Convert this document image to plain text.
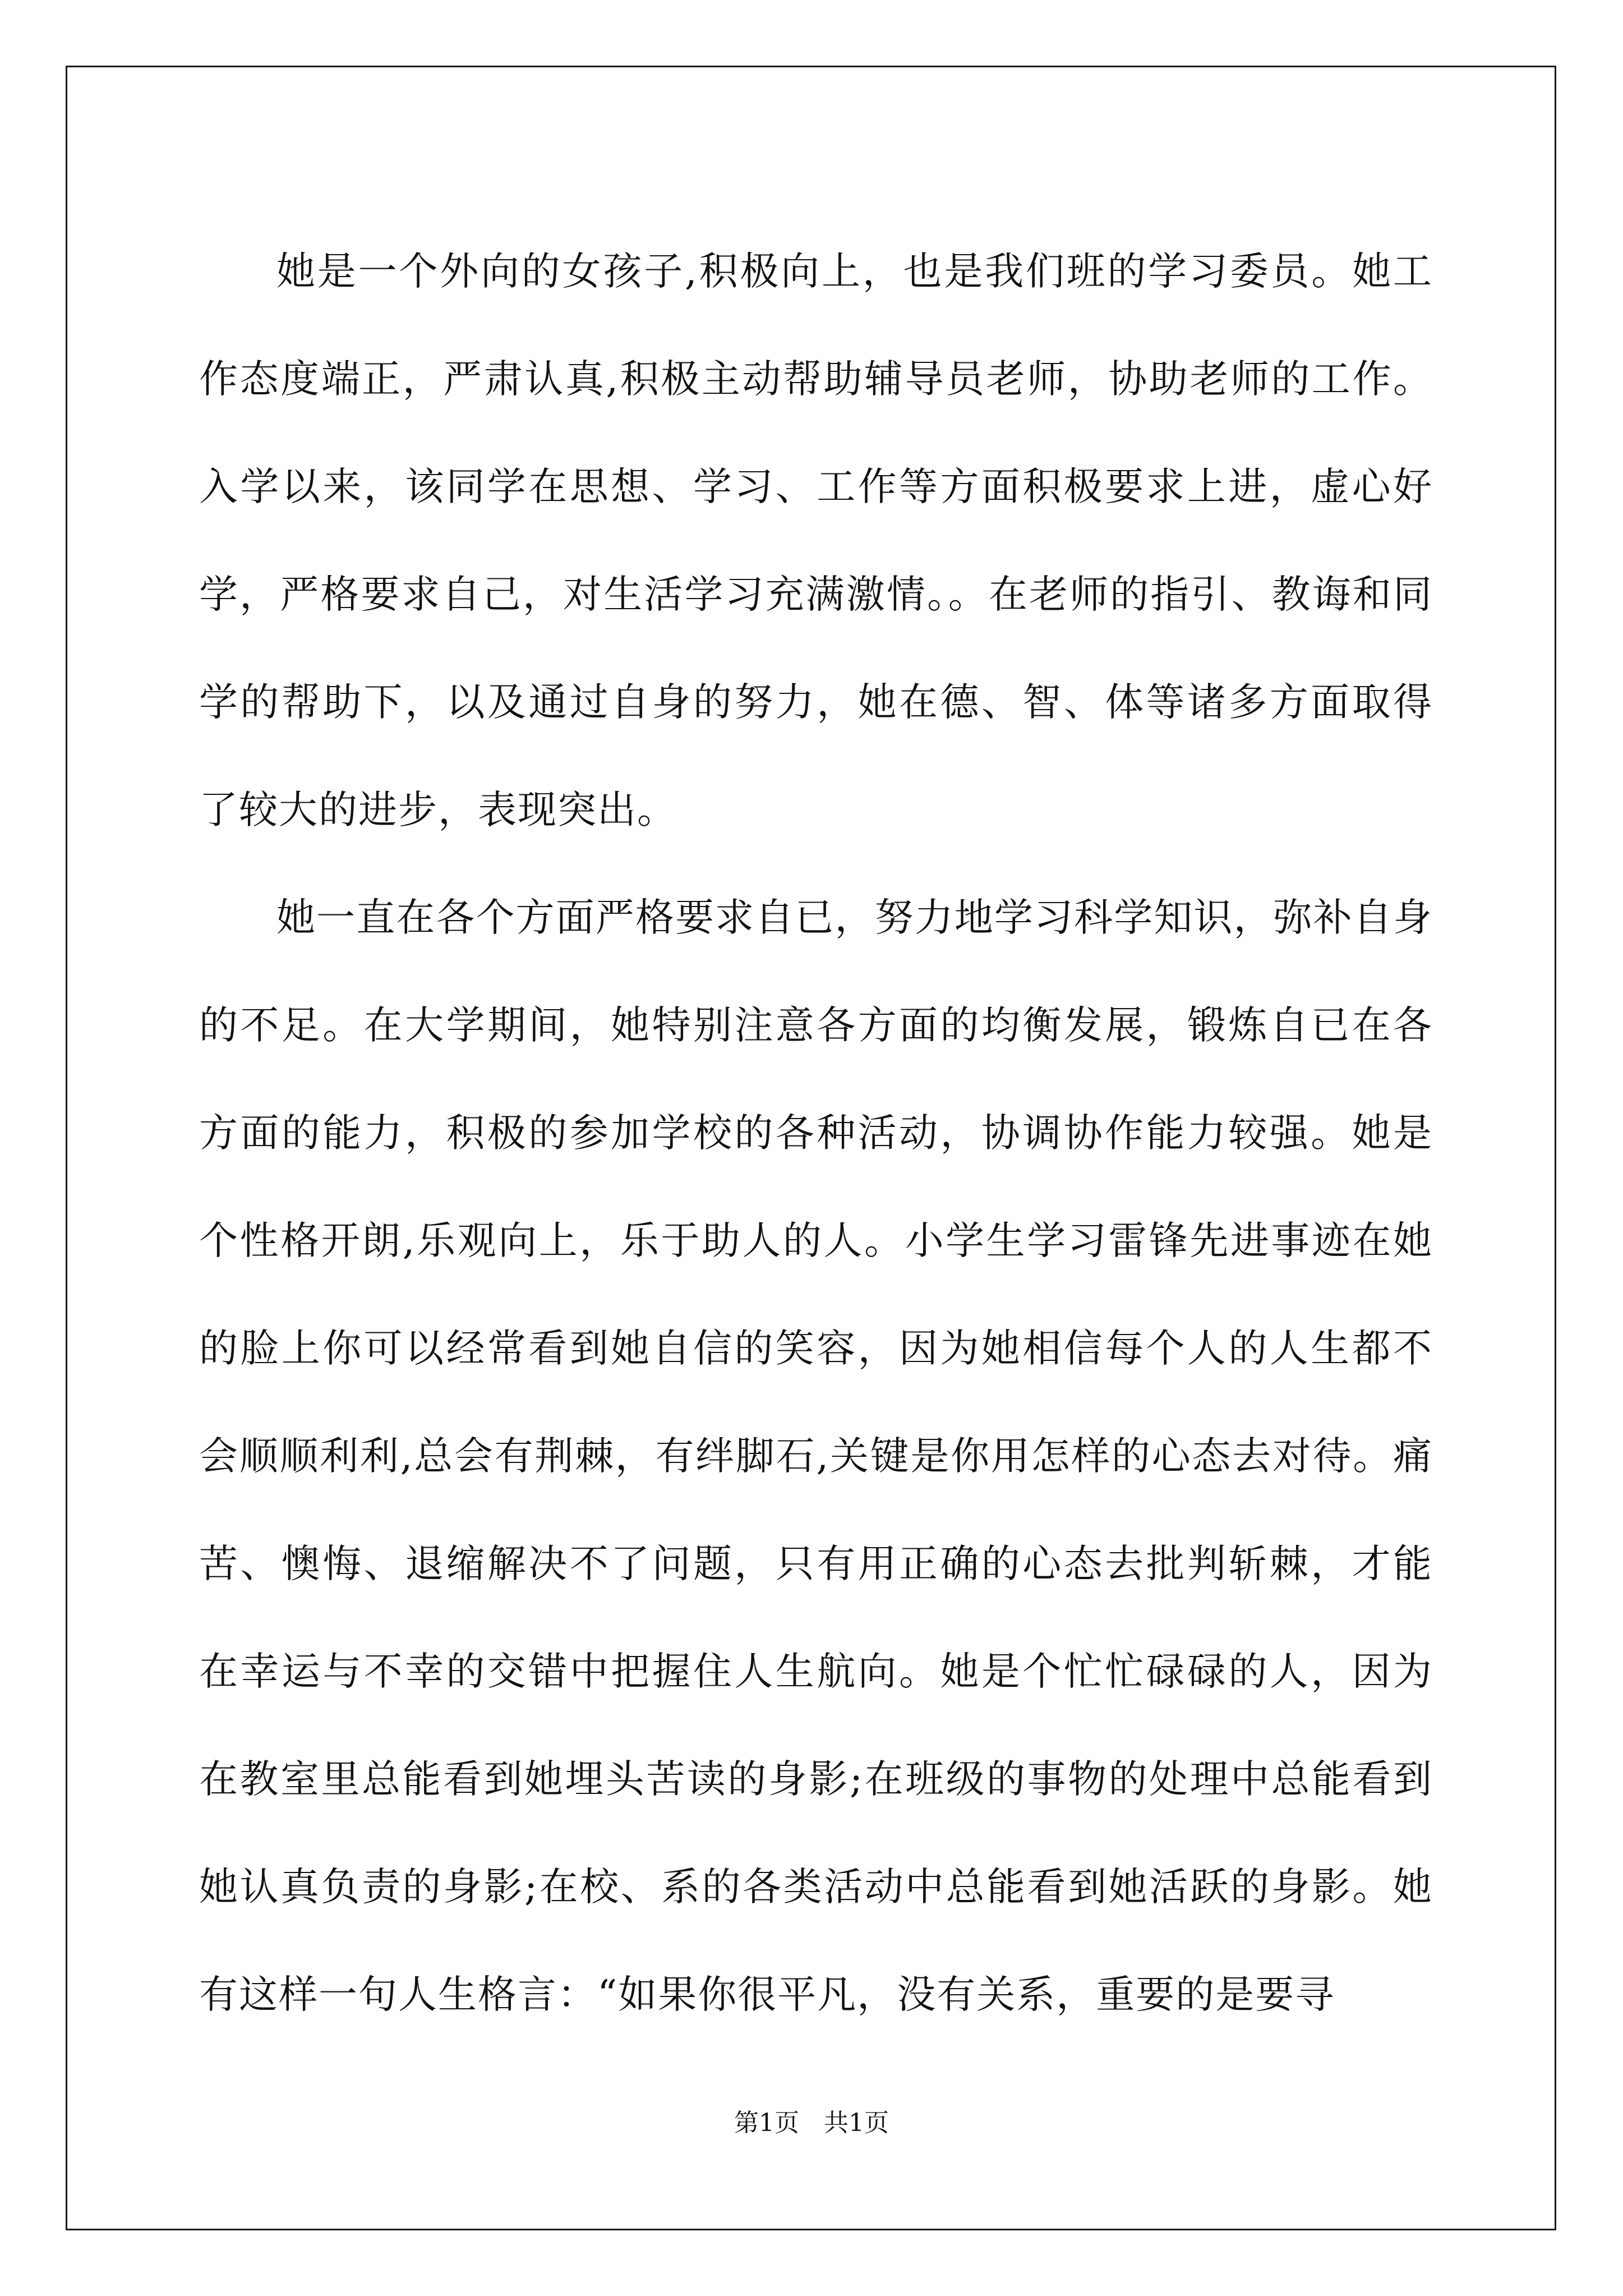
她是一个外向的女孩子,积极向上，也是我们班的学习委员。她工作态度端正，严肃认真,积极主动帮助辅导员老师，协助老师的工作。入学以来，该同学在思想、学习、工作等方面积极要求上进，虚心好学，严格要求自己，对生活学习充满激情。。在老师的指引、教诲和同学的帮助下，以及通过自身的努力，她在德、智、体等诸多方面取得了较大的进步，表现突出。

她一直在各个方面严格要求自已，努力地学习科学知识，弥补自身的不足。在大学期间，她特别注意各方面的均衡发展，锻炼自已在各方面的能力，积极的参加学校的各种活动，协调协作能力较强。她是个性格开朗,乐观向上，乐于助人的人。小学生学习雷锋先进事迹在她的脸上你可以经常看到她自信的笑容，因为她相信每个人的人生都不会顺顺利利,总会有荆棘，有绊脚石,关键是你用怎样的心态去对待。痛苦、懊悔、退缩解决不了问题，只有用正确的心态去批判斩棘，才能在幸运与不幸的交错中把握住人生航向。她是个忙忙碌碌的人，因为在教室里总能看到她埋头苦读的身影;在班级的事物的处理中总能看到她认真负责的身影;在校、系的各类活动中总能看到她活跃的身影。她有这样一句人生格言：“如果你很平凡，没有关系，重要的是要寻

第1页 共1页
